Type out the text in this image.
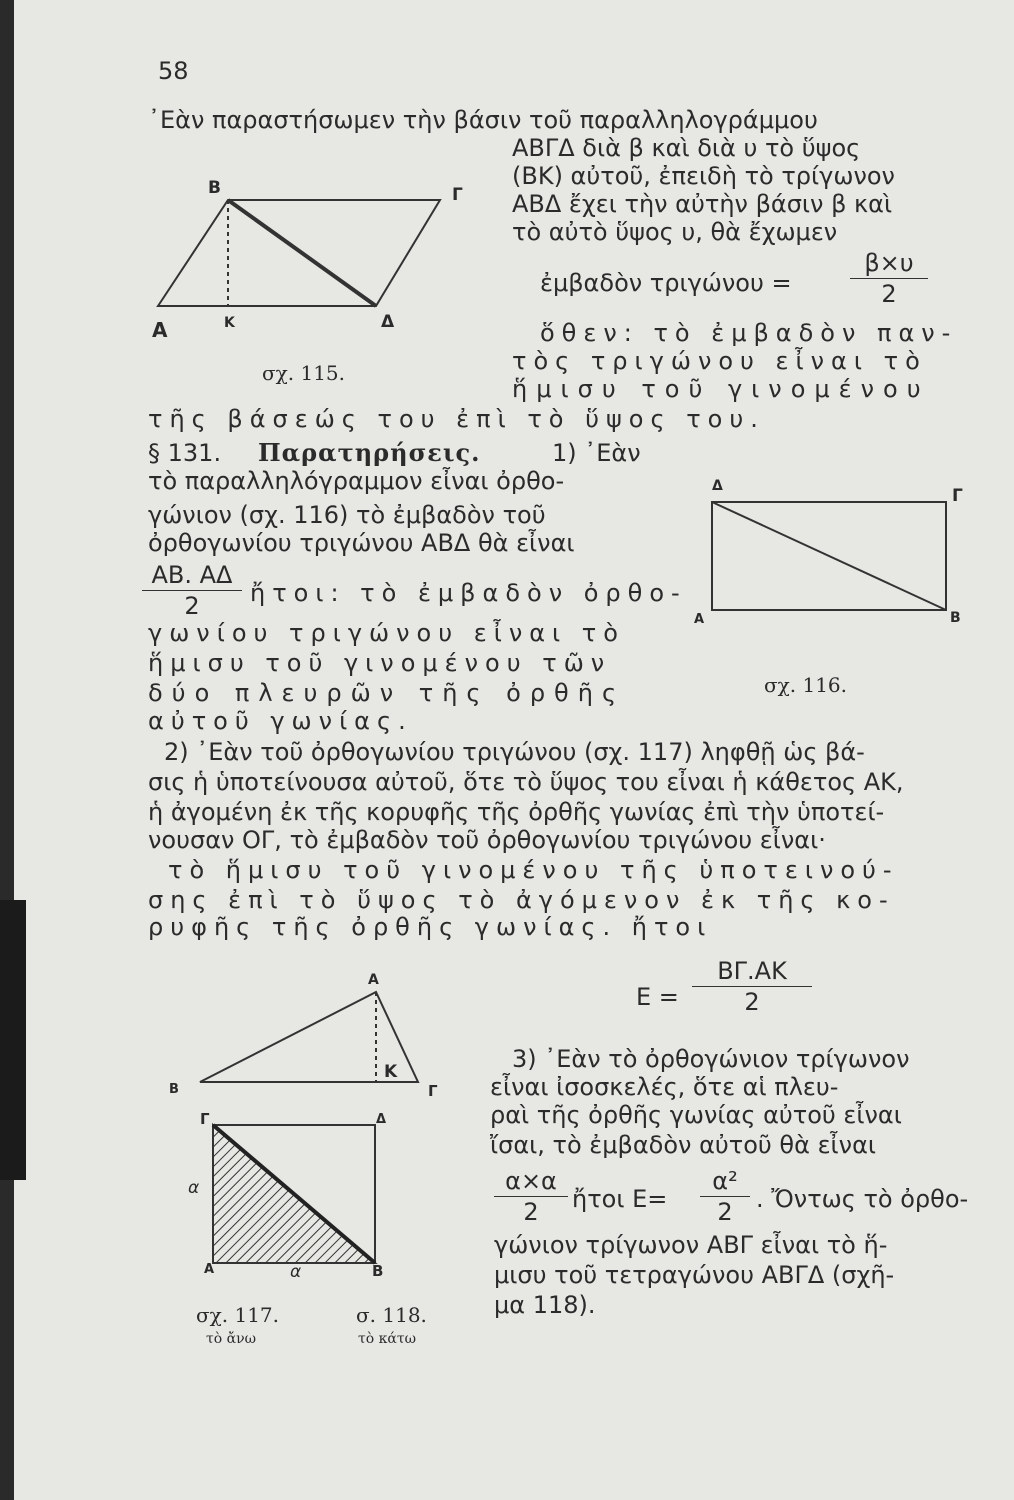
58
᾿Εὰν παραστήσωμεν τὴν βάσιν τοῦ παραλληλογράμμου
ΑΒΓΔ διὰ β καὶ διὰ υ τὸ ὕψος
(ΒΚ) αὐτοῦ, ἐπειδὴ τὸ τρίγωνον
ΑΒΔ ἔχει τὴν αὐτὴν βάσιν β καὶ
τὸ αὐτὸ ὕψος υ, θὰ ἔχωμεν
ἐμβαδὸν $\tau\rho\iota\gamma ώ\nu o\upsilon = \frac{\beta\times\upsilon}{2}$
ὅθεν: τὸ ἐμβαδὸν παν-
τὸς τριγώνου εἶναι τὸ
ἥμισυ τοῦ γινομένου
τῆς βάσεώς του ἐπὶ τὸ ὕψος του.
Β	Γ
Α	Κ	Δ
σχ. 115.
§ 131. Παρατηρήσεις.	1) ᾿Εὰν
τὸ παραλληλόγραμμον εἶναι ὀρθο-
γώνιον (σχ. 116) τὸ ἐμβαδὸν τοῦ
ὀρθογωνίου τριγώνου ΑΒΔ θὰ εἶναι
$\frac{AB. A\Delta}{2}$ ἤτοι: τὸ ἐμβαδὸν ὀρθο-
γωνίου τριγώνου εἶναι τὸ
ἥμισυ τοῦ γινομένου τῶν
δύο πλευρῶν τῆς ὀρθῆς
αὐτοῦ γωνίας.
Δ	Γ
Α	Β
σχ. 116.
2) ᾿Εὰν τοῦ ὀρθογωνίου τριγώνου (σχ. 117) ληφθῇ ὡς βά-
σις ἡ ὑποτείνουσα αὐτοῦ, ὅτε τὸ ὕψος του εἶναι ἡ κάθετος ΑΚ,
ἡ ἀγομένη ἐκ τῆς κορυφῆς τῆς ὀρθῆς γωνίας ἐπὶ τὴν ὑποτεί-
νουσαν ΟΓ, τὸ ἐμβαδὸν τοῦ ὀρθογωνίου τριγώνου εἶναι·
τὸ ἥμισυ τοῦ γινομένου τῆς ὑποτεινού-
σης ἐπὶ τὸ ὕψος τὸ ἀγόμενον ἐκ τῆς κο-
ρυφῆς τῆς ὀρθῆς γωνίας. ἤτοι
$E = \frac{B\Gamma.AK}{2}$
Α
Β	Γ
Κ
Γ	Δ
Α	Β
α
α
σχ. 117.	σ. 118.
τὸ ἄνω	τὸ κάτω
3) ᾿Εὰν τὸ ὀρθογώνιον τρίγωνον
εἶναι ἰσοσκελές, ὅτε αἱ πλευ-
ραὶ τῆς ὀρθῆς γωνίας αὐτοῦ εἶναι
ἴσαι, τὸ ἐμβαδὸν αὐτοῦ θὰ εἶναι
$\frac{\alpha\times\alpha}{2}$ ἤτοι $E= \frac{\text{α²}}{2}$ . Ὄντως τὸ ὀρθο-
γώνιον τρίγωνον ΑΒΓ εἶναι τὸ ἥ-
μισυ τοῦ τετραγώνου ΑΒΓΔ (σχῆ-
μα 118).
